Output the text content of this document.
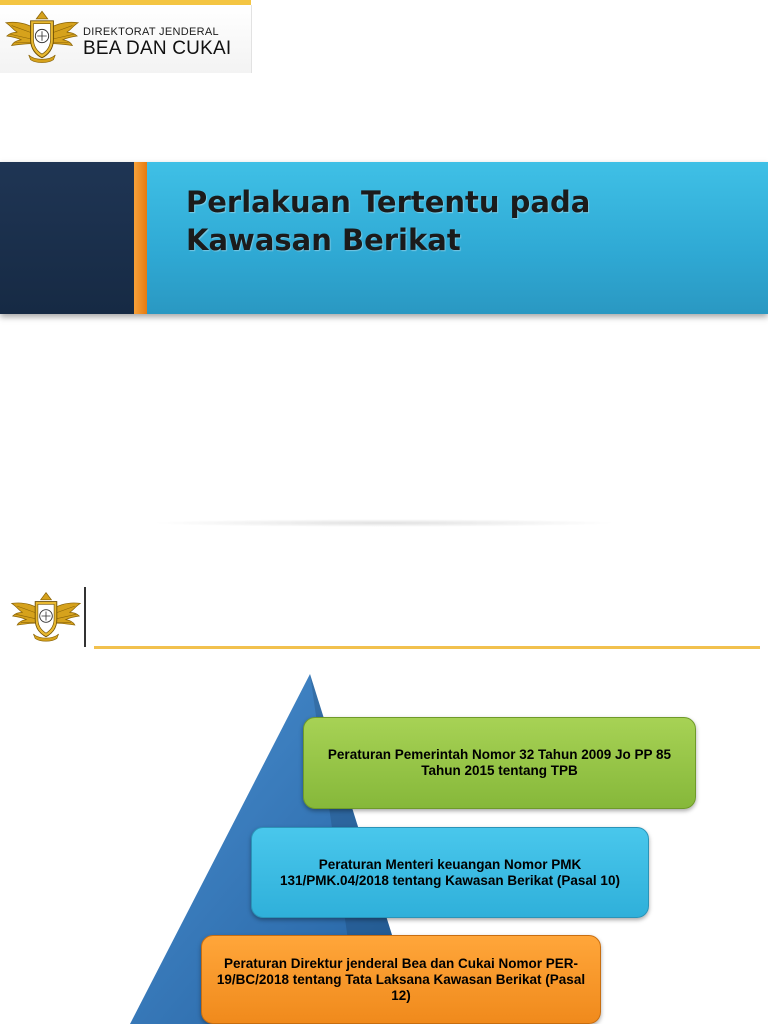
DIREKTORAT JENDERAL
BEA DAN CUKAI
Perlakuan Tertentu pada Kawasan Berikat
Peraturan Pemerintah Nomor 32 Tahun 2009 Jo PP 85 Tahun 2015 tentang TPB
Peraturan Menteri keuangan Nomor PMK 131/PMK.04/2018 tentang Kawasan Berikat (Pasal 10)
Peraturan Direktur jenderal Bea dan Cukai Nomor PER-19/BC/2018 tentang Tata Laksana Kawasan Berikat (Pasal 12)
